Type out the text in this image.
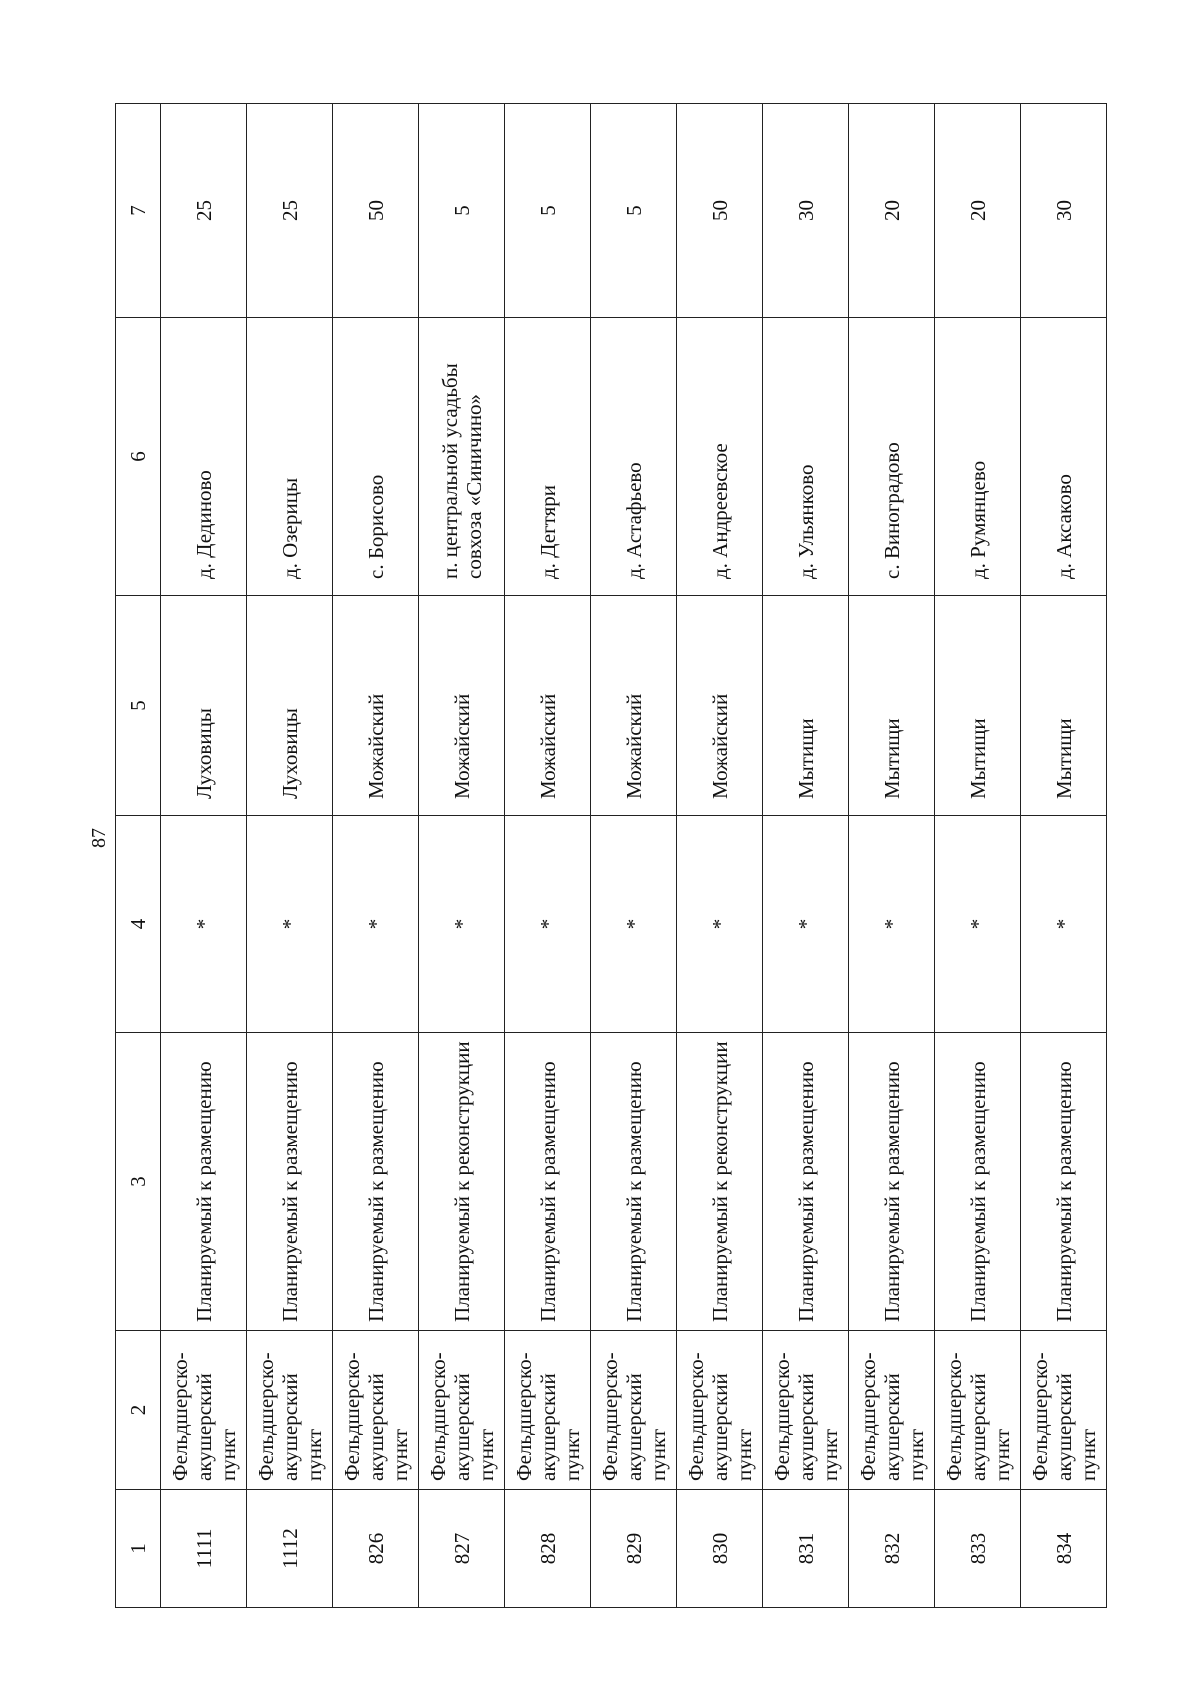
87
1	2	3	4	5	6	7
1111	Фельдшерско-акушерский пункт	Планируемый к размещению	*	Луховицы	д. Дединово	25
1112	Фельдшерско-акушерский пункт	Планируемый к размещению	*	Луховицы	д. Озерицы	25
826	Фельдшерско-акушерский пункт	Планируемый к размещению	*	Можайский	с. Борисово	50
827	Фельдшерско-акушерский пункт	Планируемый к реконструкции	*	Можайский	п. центральной усадьбы совхоза «Синичино»	5
828	Фельдшерско-акушерский пункт	Планируемый к размещению	*	Можайский	д. Дегтяри	5
829	Фельдшерско-акушерский пункт	Планируемый к размещению	*	Можайский	д. Астафьево	5
830	Фельдшерско-акушерский пункт	Планируемый к реконструкции	*	Можайский	д. Андреевское	50
831	Фельдшерско-акушерский пункт	Планируемый к размещению	*	Мытищи	д. Ульянково	30
832	Фельдшерско-акушерский пункт	Планируемый к размещению	*	Мытищи	с. Виноградово	20
833	Фельдшерско-акушерский пункт	Планируемый к размещению	*	Мытищи	д. Румянцево	20
834	Фельдшерско-акушерский пункт	Планируемый к размещению	*	Мытищи	д. Аксаково	30
